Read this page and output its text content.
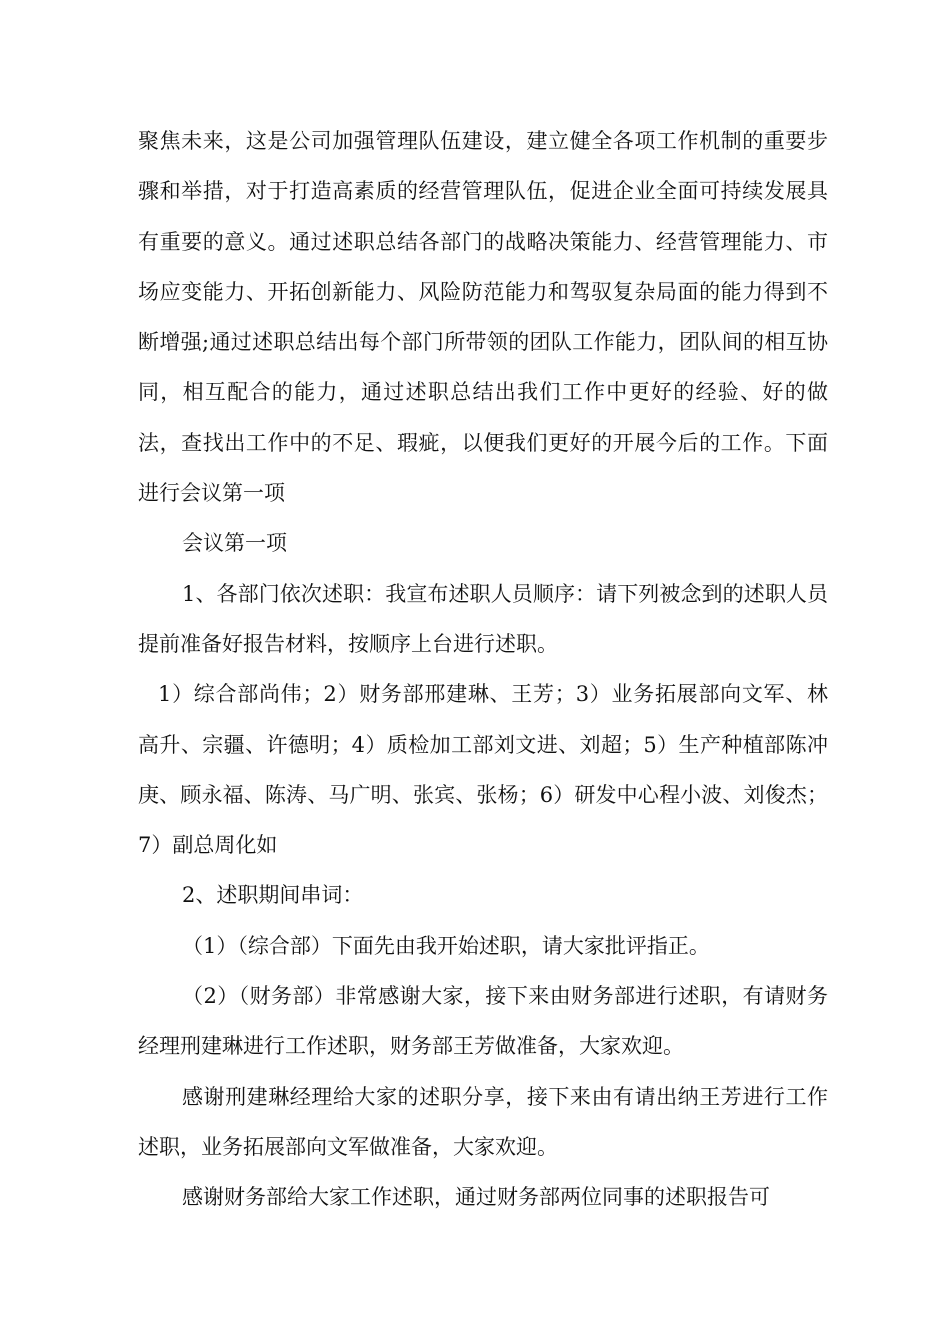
聚焦未来，这是公司加强管理队伍建设，建立健全各项工作机制的重要步骤和举措，对于打造高素质的经营管理队伍，促进企业全面可持续发展具有重要的意义。通过述职总结各部门的战略决策能力、经营管理能力、市场应变能力、开拓创新能力、风险防范能力和驾驭复杂局面的能力得到不断增强;通过述职总结出每个部门所带领的团队工作能力，团队间的相互协同，相互配合的能力，通过述职总结出我们工作中更好的经验、好的做法，查找出工作中的不足、瑕疵，以便我们更好的开展今后的工作。下面进行会议第一项

会议第一项

1、各部门依次述职：我宣布述职人员顺序：请下列被念到的述职人员提前准备好报告材料，按顺序上台进行述职。

1）综合部尚伟；2）财务部邢建琳、王芳；3）业务拓展部向文军、林高升、宗疆、许德明；4）质检加工部刘文进、刘超；5）生产种植部陈冲庚、顾永福、陈涛、马广明、张宾、张杨；6）研发中心程小波、刘俊杰；7）副总周化如

2、述职期间串词：

（1）（综合部）下面先由我开始述职，请大家批评指正。

（2）（财务部）非常感谢大家，接下来由财务部进行述职，有请财务经理刑建琳进行工作述职，财务部王芳做准备，大家欢迎。

感谢刑建琳经理给大家的述职分享，接下来由有请出纳王芳进行工作述职，业务拓展部向文军做准备，大家欢迎。

感谢财务部给大家工作述职，通过财务部两位同事的述职报告可
